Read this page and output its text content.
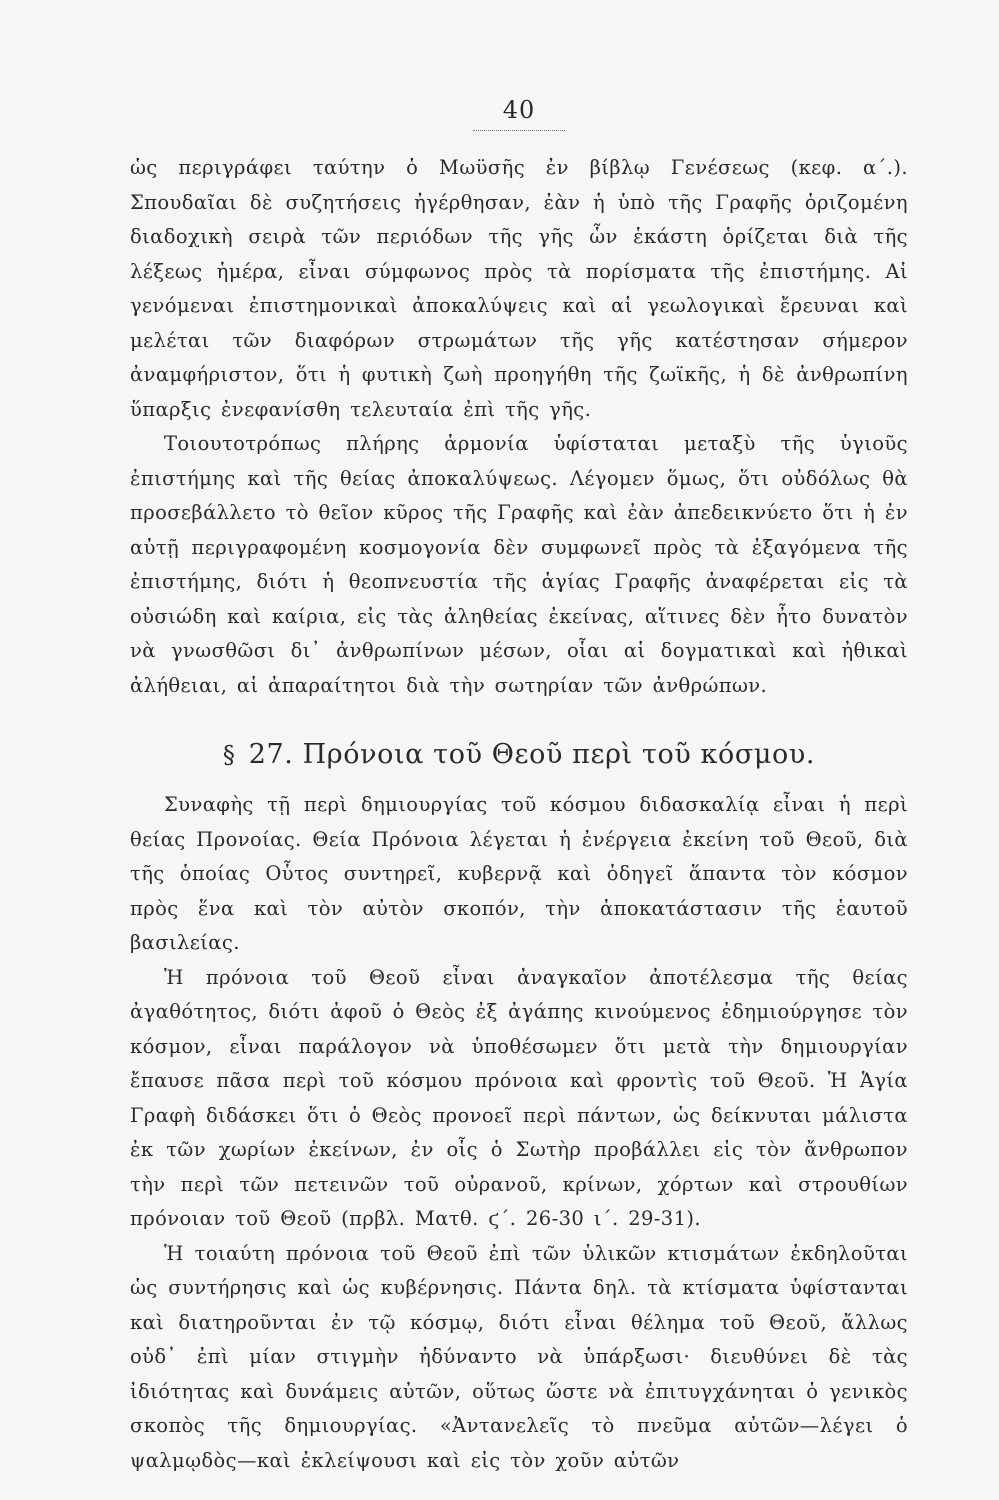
40

ὡς περιγράφει ταύτην ὁ Μωϋσῆς ἐν βίβλῳ Γενέσεως (κεφ. α΄.). Σπουδαῖαι δὲ συζητήσεις ἠγέρθησαν, ἐὰν ἡ ὑπὸ τῆς Γραφῆς ὁριζομένη διαδοχικὴ σειρὰ τῶν περιόδων τῆς γῆς ὧν ἑκάστη ὁρίζεται διὰ τῆς λέξεως ἡμέρα, εἶναι σύμφωνος πρὸς τὰ πορίσματα τῆς ἐπιστήμης. Αἱ γενόμεναι ἐπιστημονικαὶ ἀποκαλύψεις καὶ αἱ γεωλογικαὶ ἔρευναι καὶ μελέται τῶν διαφόρων στρωμάτων τῆς γῆς κατέστησαν σήμερον ἀναμφήριστον, ὅτι ἡ φυτικὴ ζωὴ προηγήθη τῆς ζωϊκῆς, ἡ δὲ ἀνθρωπίνη ὕπαρξις ἐνεφανίσθη τελευταία ἐπὶ τῆς γῆς.

Τοιουτοτρόπως πλήρης ἁρμονία ὑφίσταται μεταξὺ τῆς ὑγιοῦς ἐπιστήμης καὶ τῆς θείας ἀποκαλύψεως. Λέγομεν ὅμως, ὅτι οὐδόλως θὰ προσεβάλλετο τὸ θεῖον κῦρος τῆς Γραφῆς καὶ ἐὰν ἀπεδεικνύετο ὅτι ἡ ἐν αὐτῇ περιγραφομένη κοσμογονία δὲν συμφωνεῖ πρὸς τὰ ἐξαγόμενα τῆς ἐπιστήμης, διότι ἡ θεοπνευστία τῆς ἁγίας Γραφῆς ἀναφέρεται εἰς τὰ οὐσιώδη καὶ καίρια, εἰς τὰς ἀληθείας ἐκείνας, αἵτινες δὲν ἦτο δυνατὸν νὰ γνωσθῶσι δι᾽ ἀνθρωπίνων μέσων, οἷαι αἱ δογματικαὶ καὶ ἠθικαὶ ἀλήθειαι, αἱ ἀπαραίτητοι διὰ τὴν σωτηρίαν τῶν ἀνθρώπων.

§ 27. Πρόνοια τοῦ Θεοῦ περὶ τοῦ κόσμου.

Συναφὴς τῇ περὶ δημιουργίας τοῦ κόσμου διδασκαλίᾳ εἶναι ἡ περὶ θείας Προνοίας. Θεία Πρόνοια λέγεται ἡ ἐνέργεια ἐκείνη τοῦ Θεοῦ, διὰ τῆς ὁποίας Οὗτος συντηρεῖ, κυβερνᾷ καὶ ὁδηγεῖ ἅπαντα τὸν κόσμον πρὸς ἕνα καὶ τὸν αὐτὸν σκοπόν, τὴν ἀποκατάστασιν τῆς ἑαυτοῦ βασιλείας.

Ἡ πρόνοια τοῦ Θεοῦ εἶναι ἀναγκαῖον ἀποτέλεσμα τῆς θείας ἀγαθότητος, διότι ἀφοῦ ὁ Θεὸς ἐξ ἀγάπης κινούμενος ἐδημιούργησε τὸν κόσμον, εἶναι παράλογον νὰ ὑποθέσωμεν ὅτι μετὰ τὴν δημιουργίαν ἔπαυσε πᾶσα περὶ τοῦ κόσμου πρόνοια καὶ φροντὶς τοῦ Θεοῦ. Ἡ Ἁγία Γραφὴ διδάσκει ὅτι ὁ Θεὸς προνοεῖ περὶ πάντων, ὡς δείκνυται μάλιστα ἐκ τῶν χωρίων ἐκείνων, ἐν οἷς ὁ Σωτὴρ προβάλλει εἰς τὸν ἄνθρωπον τὴν περὶ τῶν πετεινῶν τοῦ οὐρανοῦ, κρίνων, χόρτων καὶ στρουθίων πρόνοιαν τοῦ Θεοῦ (πρβλ. Ματθ. ϛ΄. 26-30 ι΄. 29-31).

Ἡ τοιαύτη πρόνοια τοῦ Θεοῦ ἐπὶ τῶν ὑλικῶν κτισμάτων ἐκδηλοῦται ὡς συντήρησις καὶ ὡς κυβέρνησις. Πάντα δηλ. τὰ κτίσματα ὑφίστανται καὶ διατηροῦνται ἐν τῷ κόσμῳ, διότι εἶναι θέλημα τοῦ Θεοῦ, ἄλλως οὐδ᾽ ἐπὶ μίαν στιγμὴν ἠδύναντο νὰ ὑπάρξωσι· διευθύνει δὲ τὰς ἰδιότητας καὶ δυνάμεις αὐτῶν, οὕτως ὥστε νὰ ἐπιτυγχάνηται ὁ γενικὸς σκοπὸς τῆς δημιουργίας. «Ἀντανελεῖς τὸ πνεῦμα αὐτῶν—λέγει ὁ ψαλμῳδὸς—καὶ ἐκλείψουσι καὶ εἰς τὸν χοῦν αὐτῶν
